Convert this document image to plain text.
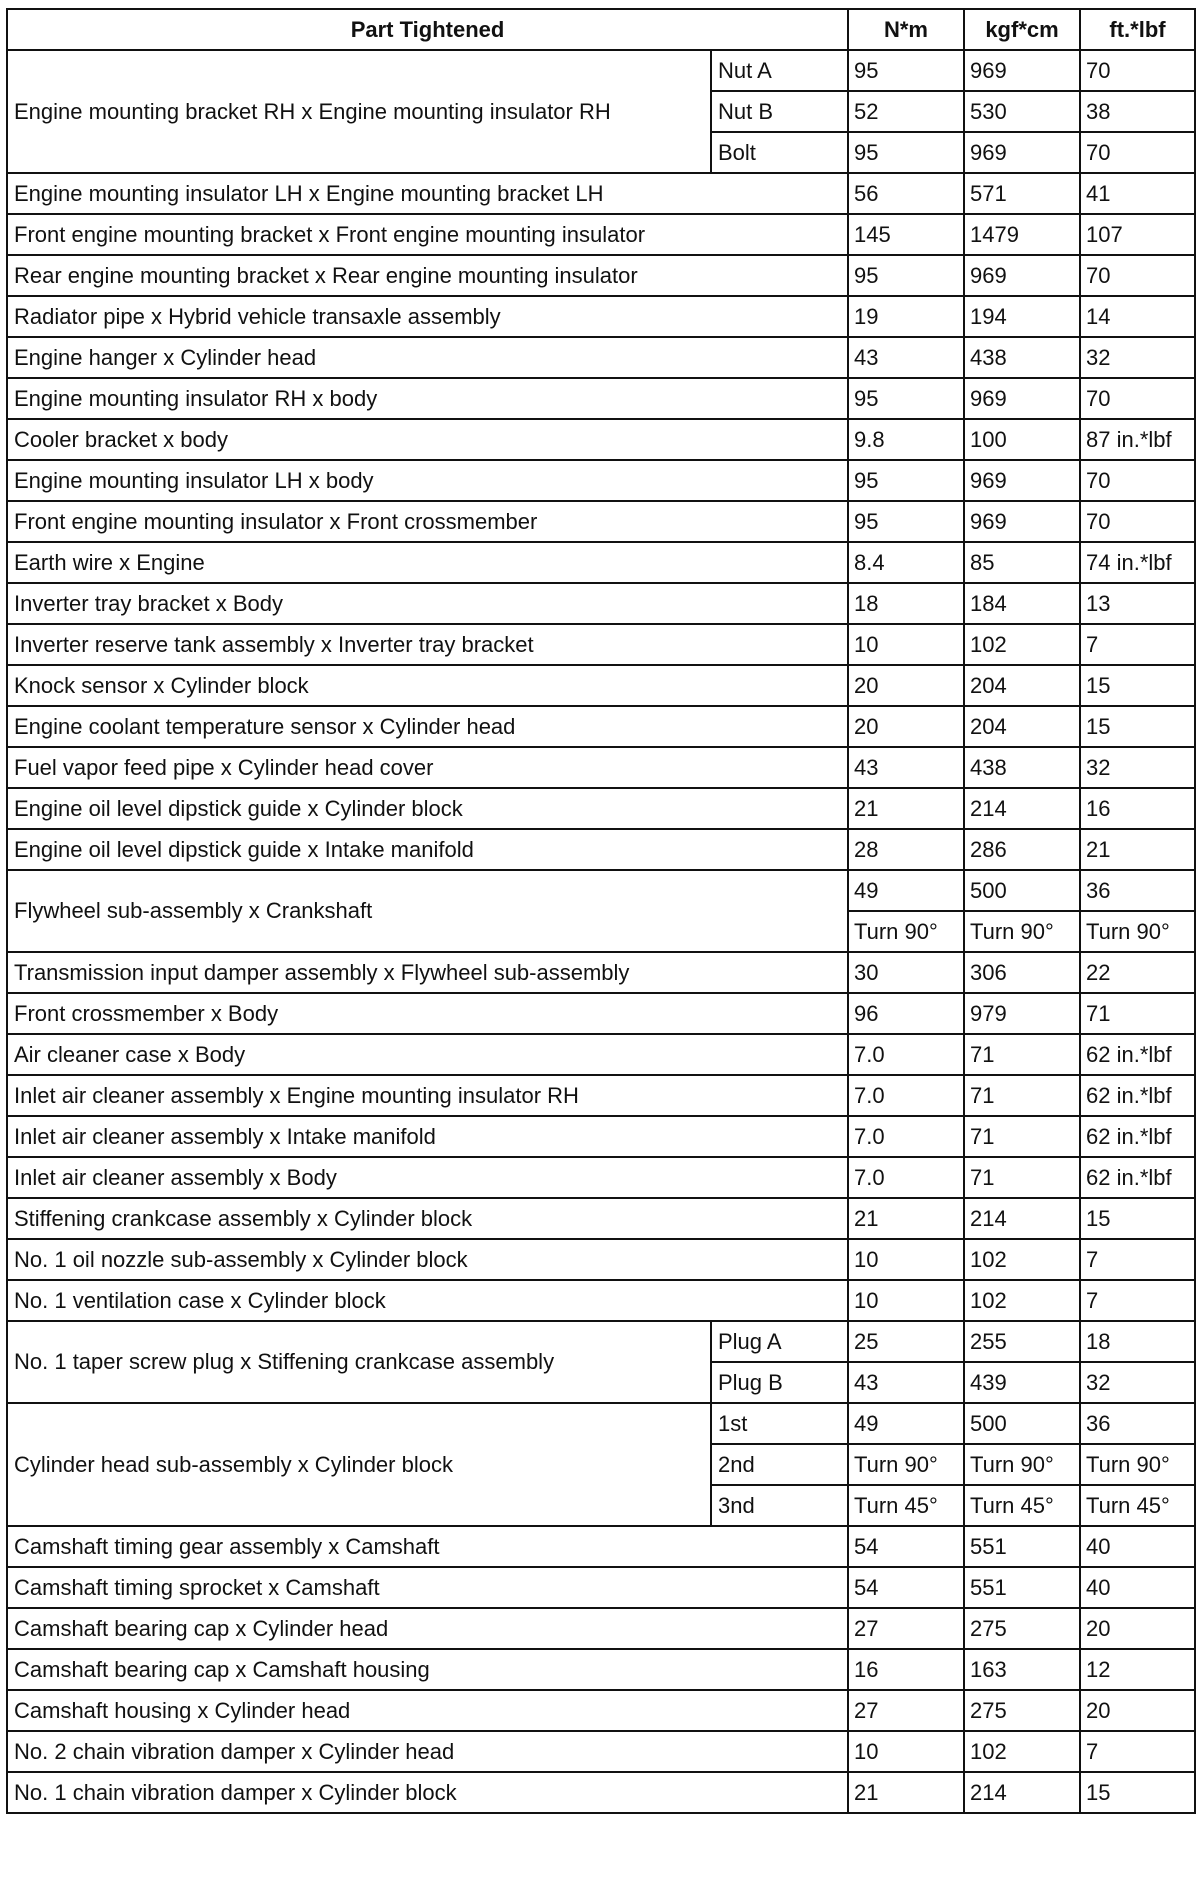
Part Tightened		N*m	kgf*cm	ft.*lbf
Engine mounting bracket RH x Engine mounting insulator RH	Nut A	95	969	70
	Nut B	52	530	38
	Bolt	95	969	70
Engine mounting insulator LH x Engine mounting bracket LH		56	571	41
Front engine mounting bracket x Front engine mounting insulator		145	1479	107
Rear engine mounting bracket x Rear engine mounting insulator		95	969	70
Radiator pipe x Hybrid vehicle transaxle assembly		19	194	14
Engine hanger x Cylinder head		43	438	32
Engine mounting insulator RH x body		95	969	70
Cooler bracket x body		9.8	100	87 in.*lbf
Engine mounting insulator LH x body		95	969	70
Front engine mounting insulator x Front crossmember		95	969	70
Earth wire x Engine		8.4	85	74 in.*lbf
Inverter tray bracket x Body		18	184	13
Inverter reserve tank assembly x Inverter tray bracket		10	102	7
Knock sensor x Cylinder block		20	204	15
Engine coolant temperature sensor x Cylinder head		20	204	15
Fuel vapor feed pipe x Cylinder head cover		43	438	32
Engine oil level dipstick guide x Cylinder block		21	214	16
Engine oil level dipstick guide x Intake manifold		28	286	21
Flywheel sub-assembly x Crankshaft		49	500	36
		Turn 90°	Turn 90°	Turn 90°
Transmission input damper assembly x Flywheel sub-assembly		30	306	22
Front crossmember x Body		96	979	71
Air cleaner case x Body		7.0	71	62 in.*lbf
Inlet air cleaner assembly x Engine mounting insulator RH		7.0	71	62 in.*lbf
Inlet air cleaner assembly x Intake manifold		7.0	71	62 in.*lbf
Inlet air cleaner assembly x Body		7.0	71	62 in.*lbf
Stiffening crankcase assembly x Cylinder block		21	214	15
No. 1 oil nozzle sub-assembly x Cylinder block		10	102	7
No. 1 ventilation case x Cylinder block		10	102	7
No. 1 taper screw plug x Stiffening crankcase assembly	Plug A	25	255	18
	Plug B	43	439	32
Cylinder head sub-assembly x Cylinder block	1st	49	500	36
	2nd	Turn 90°	Turn 90°	Turn 90°
	3nd	Turn 45°	Turn 45°	Turn 45°
Camshaft timing gear assembly x Camshaft		54	551	40
Camshaft timing sprocket x Camshaft		54	551	40
Camshaft bearing cap x Cylinder head		27	275	20
Camshaft bearing cap x Camshaft housing		16	163	12
Camshaft housing x Cylinder head		27	275	20
No. 2 chain vibration damper x Cylinder head		10	102	7
No. 1 chain vibration damper x Cylinder block		21	214	15
